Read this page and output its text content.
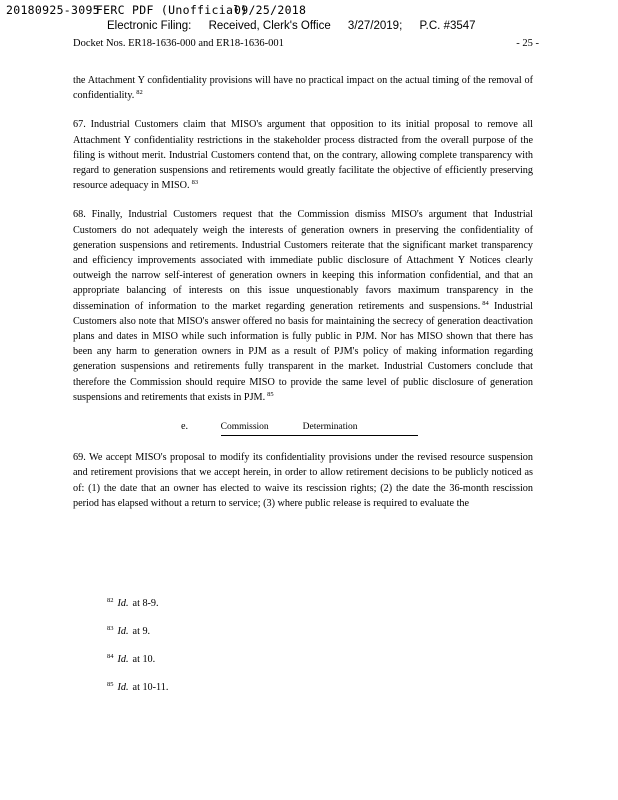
20180925-3095FERC PDF (Unofficial)
09/25/2018
Electronic Filing: Received, Clerk's Office 3/27/2019; P.C. #3547
Docket Nos. ER18-1636-000 and ER18-1636-001	- 25 -

the Attachment Y confidentiality provisions will have no practical impact on the actual timing of the removal of confidentiality. $^{82}$

67. Industrial Customers claim that MISO's argument that opposition to its initial proposal to remove all Attachment Y confidentiality restrictions in the stakeholder process distracted from the overall purpose of the filing is without merit. Industrial Customers contend that, on the contrary, allowing complete transparency with regard to generation suspensions and retirements would greatly facilitate the objective of efficiently preserving resource adequacy in MISO. $^{83}$

68. Finally, Industrial Customers request that the Commission dismiss MISO's argument that Industrial Customers do not adequately weigh the interests of generation owners in preserving the confidentiality of generation suspensions and retirements. Industrial Customers reiterate that the significant market transparency and efficiency improvements associated with immediate public disclosure of Attachment Y Notices clearly outweigh the narrow self-interest of generation owners in keeping this information confidential, and that an appropriate balancing of interests on this issue unquestionably favors maximum transparency in the dissemination of information to the market regarding generation retirements and suspensions. $^{84}$ Industrial Customers also note that MISO's answer offered no basis for maintaining the secrecy of generation deactivation plans and dates in MISO while such information is fully public in PJM. Nor has MISO shown that there has been any harm to generation owners in PJM as a result of PJM's policy of making information regarding generation suspensions and retirements fully transparent in the market. Industrial Customers conclude that therefore the Commission should require MISO to provide the same level of public disclosure of generation suspensions and retirements that exists in PJM. $^{85}$

e.	Commission	Determination

69. We accept MISO's proposal to modify its confidentiality provisions under the revised resource suspension and retirement provisions that we accept herein, in order to allow retirement decisions to be publicly noticed as of: (1) the date that an owner has elected to waive its rescission rights; (2) the date the 36-month rescission period has elapsed without a return to service; (3) where public release is required to evaluate the

$^{82}$ Id. at 8-9.
$^{83}$ Id. at 9.
$^{84}$ Id. at 10.
$^{85}$ Id. at 10-11.
